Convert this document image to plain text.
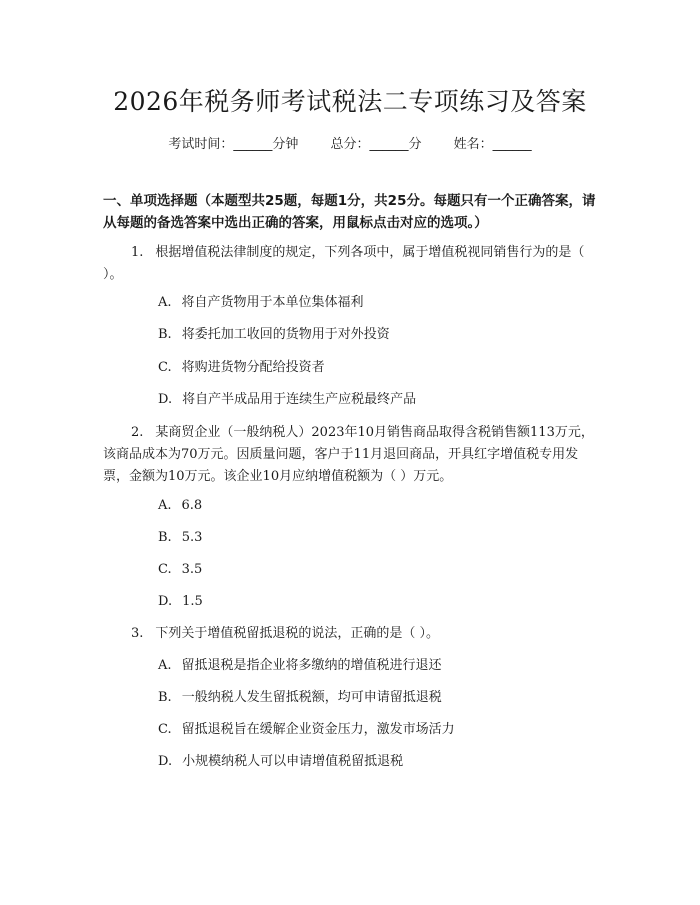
2026年税务师考试税法二专项练习及答案
考试时间：______分钟 总分：______分 姓名：______
一、单项选择题（本题型共25题，每题1分，共25分。每题只有一个正确答案，请从每题的备选答案中选出正确的答案，用鼠标点击对应的选项。）
1. 根据增值税法律制度的规定，下列各项中，属于增值税视同销售行为的是（ ）。
A. 将自产货物用于本单位集体福利
B. 将委托加工收回的货物用于对外投资
C. 将购进货物分配给投资者
D. 将自产半成品用于连续生产应税最终产品
2. 某商贸企业（一般纳税人）2023年10月销售商品取得含税销售额113万元，该商品成本为70万元。因质量问题，客户于11月退回商品，开具红字增值税专用发票，金额为10万元。该企业10月应纳增值税额为（ ）万元。
A. 6.8
B. 5.3
C. 3.5
D. 1.5
3. 下列关于增值税留抵退税的说法，正确的是（ ）。
A. 留抵退税是指企业将多缴纳的增值税进行退还
B. 一般纳税人发生留抵税额，均可申请留抵退税
C. 留抵退税旨在缓解企业资金压力，激发市场活力
D. 小规模纳税人可以申请增值税留抵退税
